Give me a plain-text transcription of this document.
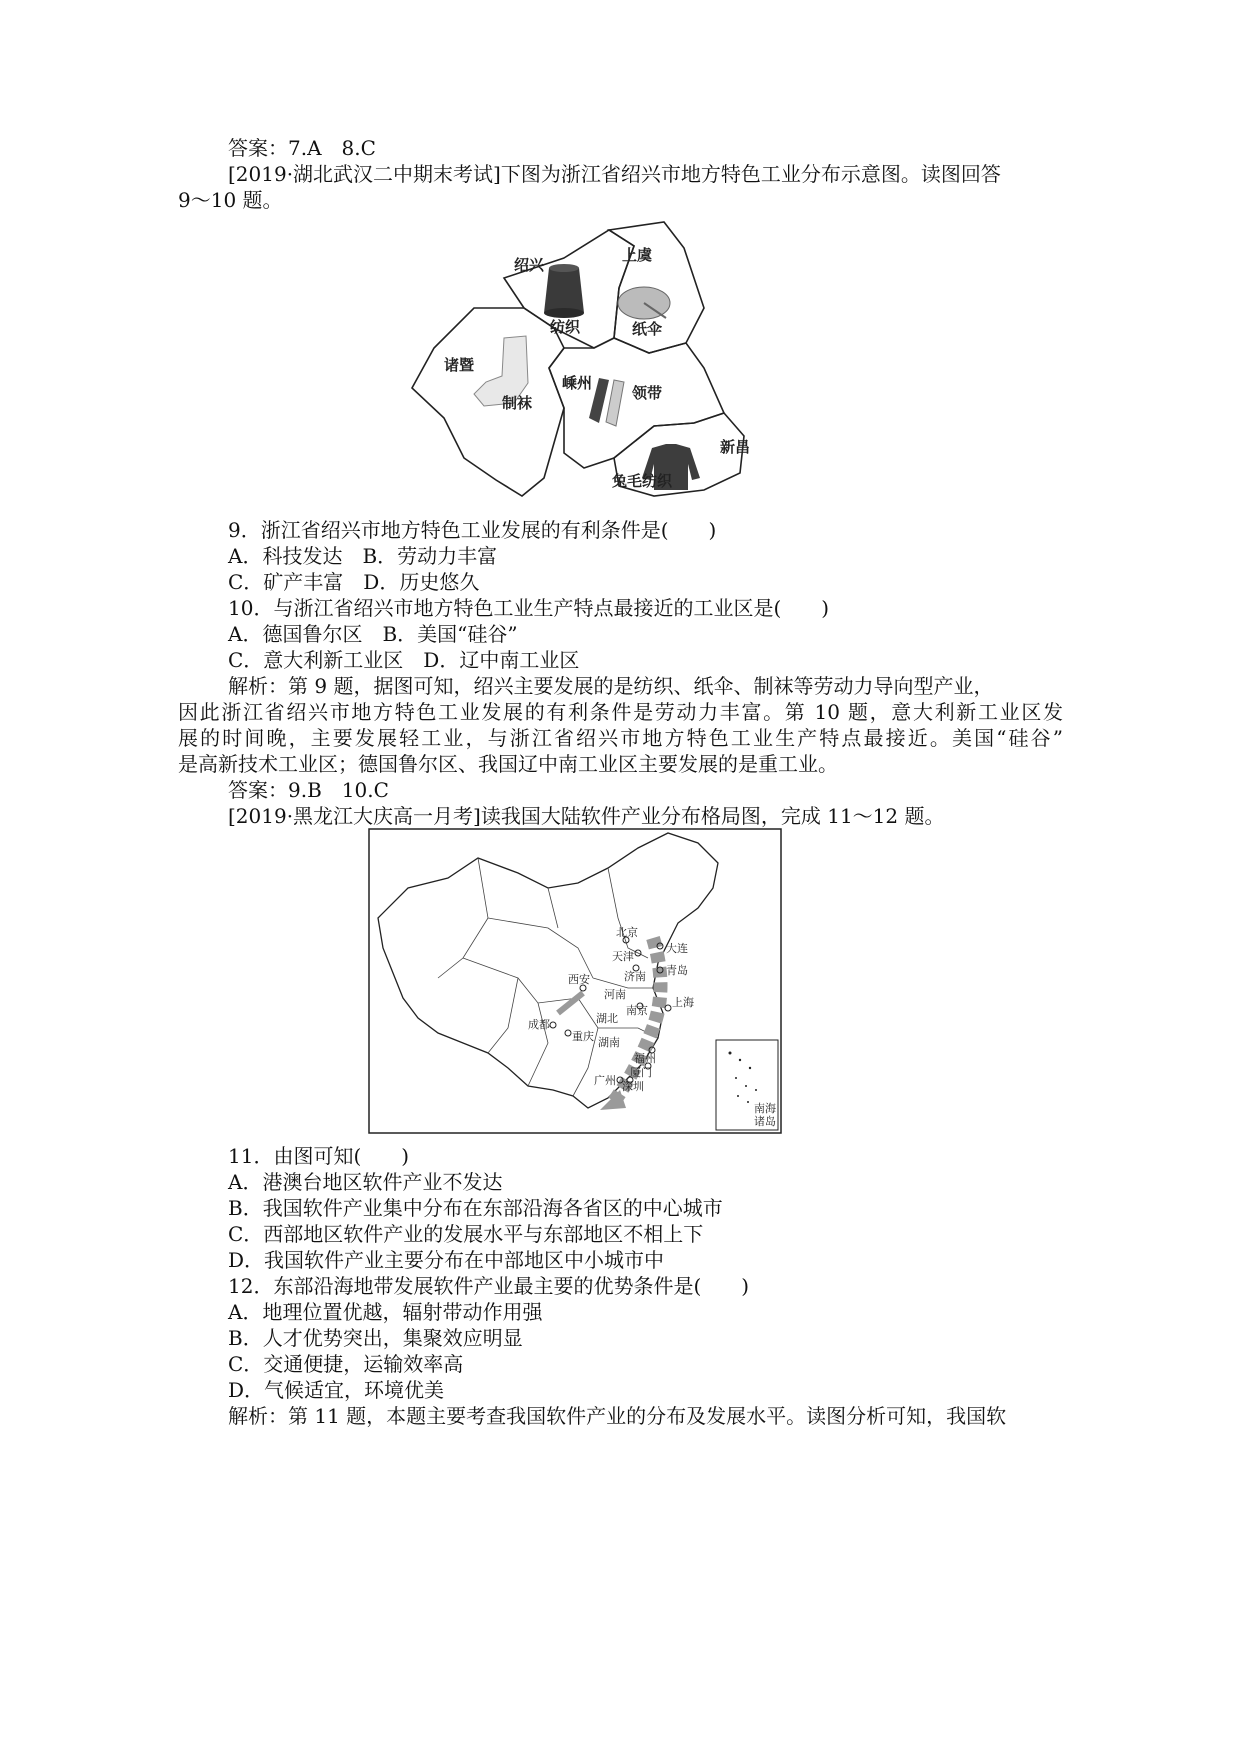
答案：7.A　8.C
[2019·湖北武汉二中期末考试]下图为浙江省绍兴市地方特色工业分布示意图。读图回答
9～10 题。
绍兴
纺织
上虞
纸伞
诸暨
制袜
嵊州
领带
新昌
兔毛纺织
9．浙江省绍兴市地方特色工业发展的有利条件是(　　)
A．科技发达　B．劳动力丰富
C．矿产丰富　D．历史悠久
10．与浙江省绍兴市地方特色工业生产特点最接近的工业区是(　　)
A．德国鲁尔区　B．美国“硅谷”
C．意大利新工业区　D．辽中南工业区
解析：第 9 题，据图可知，绍兴主要发展的是纺织、纸伞、制袜等劳动力导向型产业，
因此浙江省绍兴市地方特色工业发展的有利条件是劳动力丰富。第 10 题，意大利新工业区发
展的时间晚，主要发展轻工业，与浙江省绍兴市地方特色工业生产特点最接近。美国“硅谷”
是高新技术工业区；德国鲁尔区、我国辽中南工业区主要发展的是重工业。
答案：9.B　10.C
[2019·黑龙江大庆高一月考]读我国大陆软件产业分布格局图，完成 11～12 题。
北京
天津
大连
济南 青岛
西安
河南
南京
上海
成都	湖北
重庆 湖南
福州
厦门
广州 深圳
南海
诸岛
11．由图可知(　　)
A．港澳台地区软件产业不发达
B．我国软件产业集中分布在东部沿海各省区的中心城市
C．西部地区软件产业的发展水平与东部地区不相上下
D．我国软件产业主要分布在中部地区中小城市中
12．东部沿海地带发展软件产业最主要的优势条件是(　　)
A．地理位置优越，辐射带动作用强
B．人才优势突出，集聚效应明显
C．交通便捷，运输效率高
D．气候适宜，环境优美
解析：第 11 题，本题主要考查我国软件产业的分布及发展水平。读图分析可知，我国软
